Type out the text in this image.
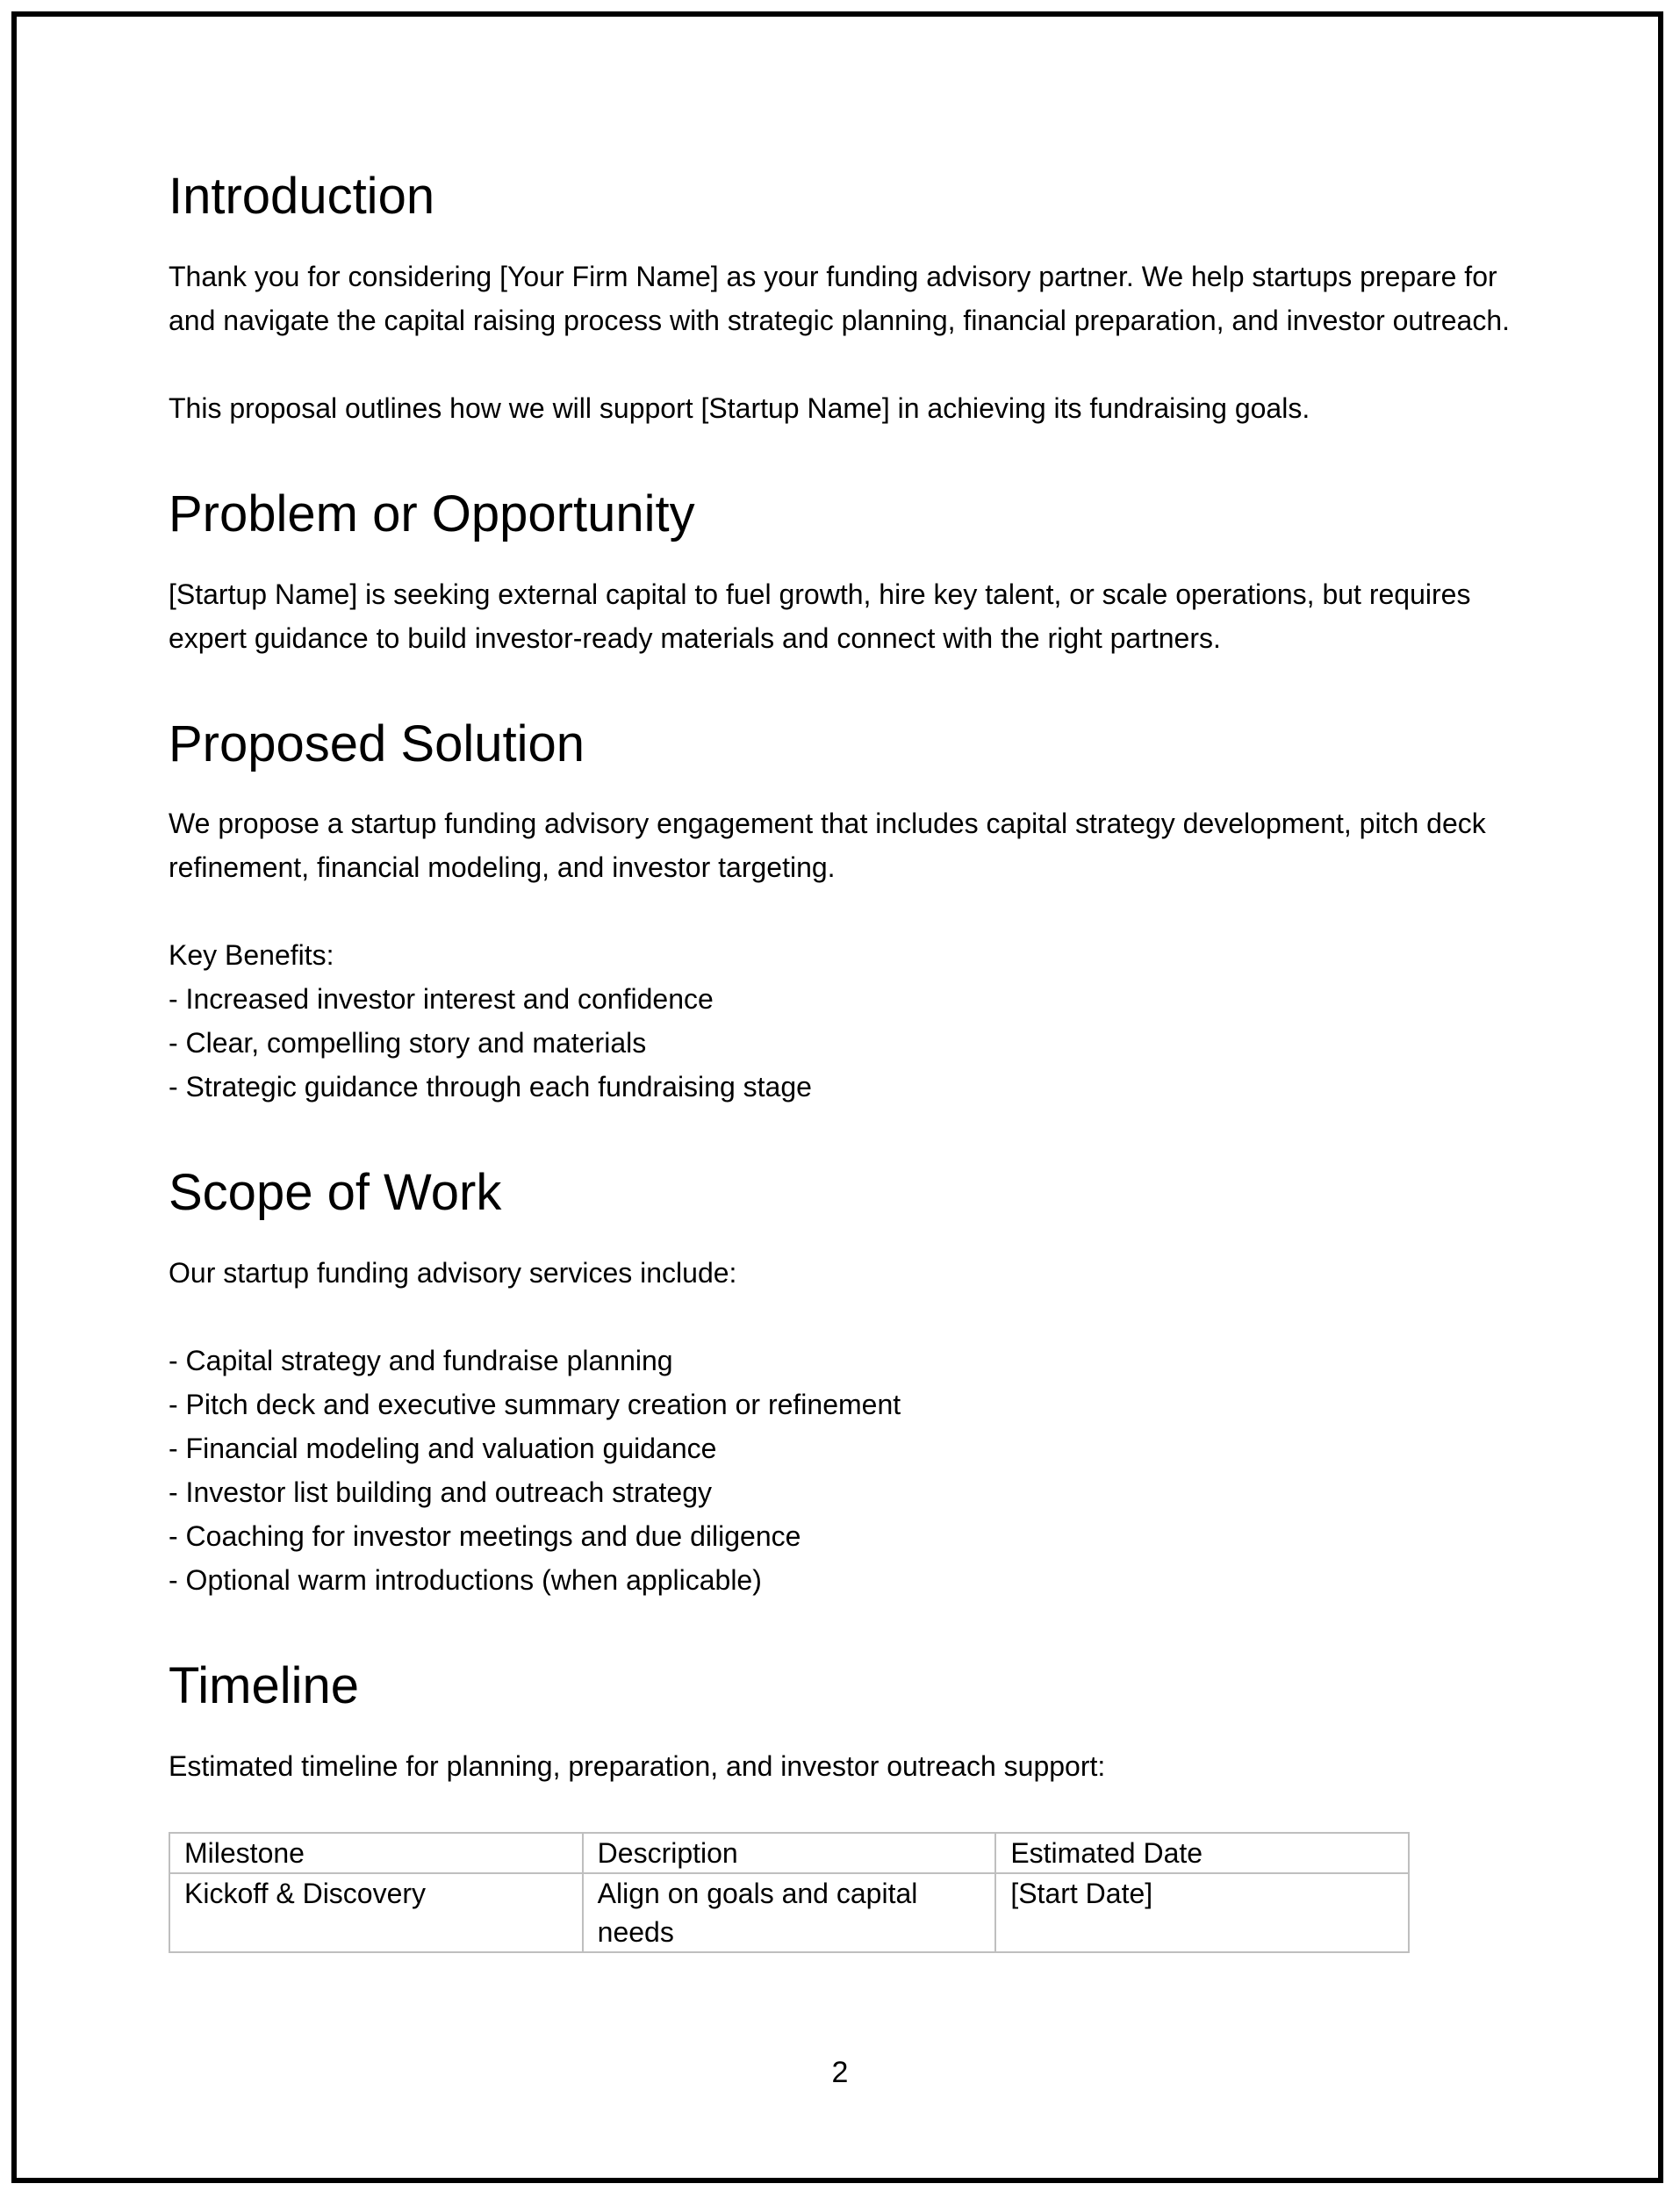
Introduction

Thank you for considering [Your Firm Name] as your funding advisory partner. We help startups prepare for and navigate the capital raising process with strategic planning, financial preparation, and investor outreach.

This proposal outlines how we will support [Startup Name] in achieving its fundraising goals.

Problem or Opportunity

[Startup Name] is seeking external capital to fuel growth, hire key talent, or scale operations, but requires expert guidance to build investor-ready materials and connect with the right partners.

Proposed Solution

We propose a startup funding advisory engagement that includes capital strategy development, pitch deck refinement, financial modeling, and investor targeting.

Key Benefits:

- Increased investor interest and confidence
- Clear, compelling story and materials
- Strategic guidance through each fundraising stage
Scope of Work

Our startup funding advisory services include:

- Capital strategy and fundraise planning
- Pitch deck and executive summary creation or refinement
- Financial modeling and valuation guidance
- Investor list building and outreach strategy
- Coaching for investor meetings and due diligence
- Optional warm introductions (when applicable)
Timeline

Estimated timeline for planning, preparation, and investor outreach support:

Milestone	Description	Estimated Date
Kickoff & Discovery	Align on goals and capital needs	[Start Date]
2
